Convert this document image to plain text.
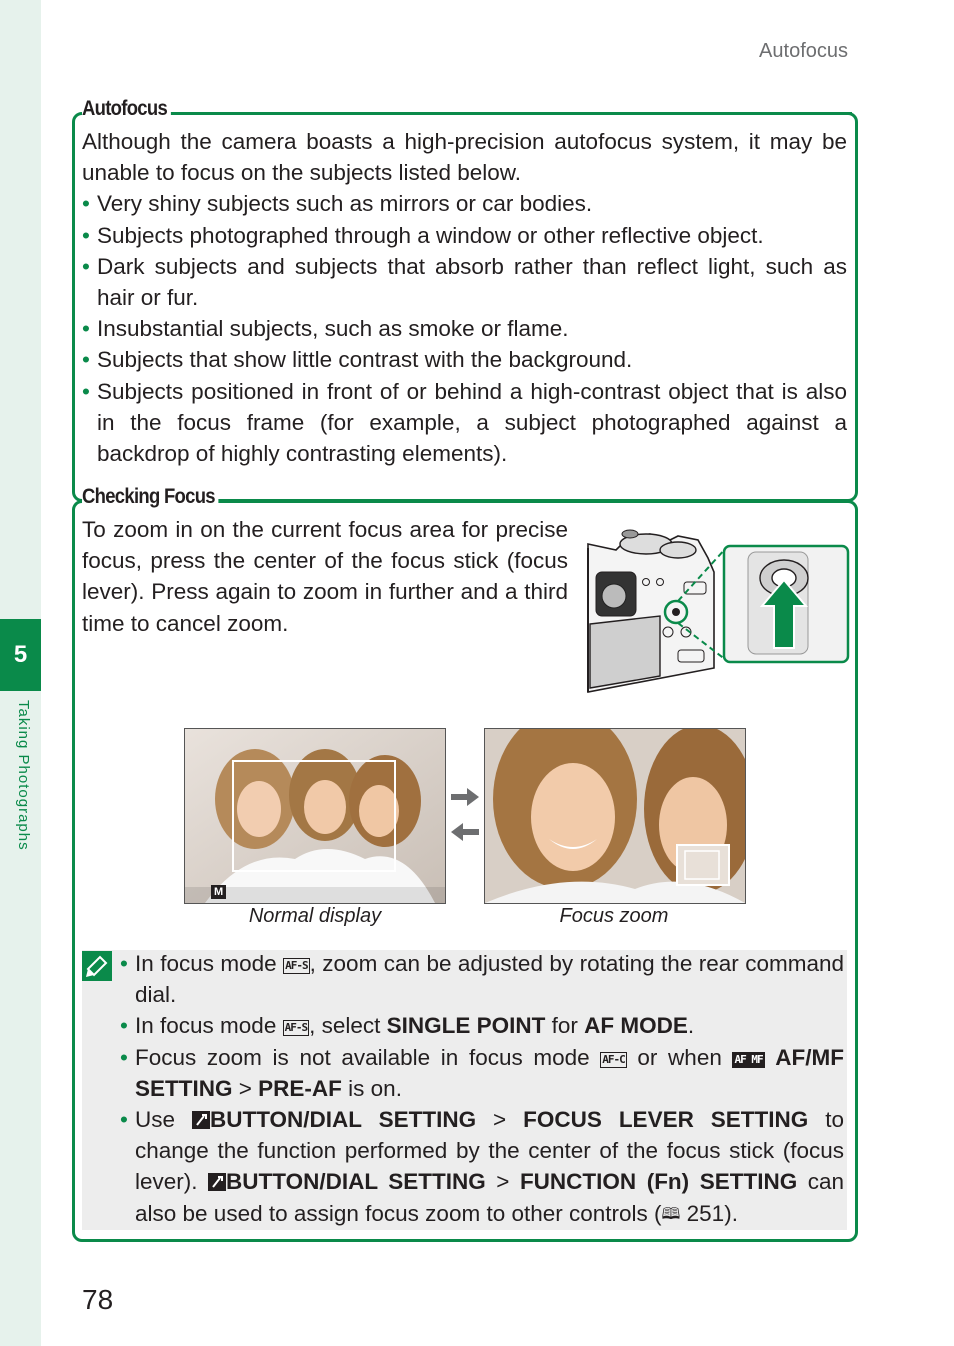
5
Taking Photographs
Autofocus
Autofocus

Although the camera boasts a high-precision autofocus system, it may be unable to focus on the subjects listed below.

• Very shiny subjects such as mirrors or car bodies.
• Subjects photographed through a window or other reflective object.
• Dark subjects and subjects that absorb rather than reflect light, such as hair or fur.
• Insubstantial subjects, such as smoke or flame.
• Subjects that show little contrast with the background.
• Subjects positioned in front of or behind a high-contrast object that is also in the focus frame (for example, a subject photographed against a backdrop of highly contrasting elements).
Checking Focus

To zoom in on the current focus area for precise focus, press the center of the focus stick (focus lever). Press again to zoom in further and a third time to cancel zoom.

M
Normal display	Focus zoom
• In focus mode AF-S, zoom can be adjusted by rotating the rear command dial.
• In focus mode AF-S, select SINGLE POINT for AF MODE.
• Focus zoom is not available in focus mode AF-C or when AF MF AF/MF SETTING > PRE-AF is on.
• Use BUTTON/DIAL SETTING > FOCUS LEVER SETTING to change the function performed by the center of the focus stick (focus lever). BUTTON/DIAL SETTING > FUNCTION (Fn) SETTING can also be used to assign focus zoom to other controls (🕮 251).
78
